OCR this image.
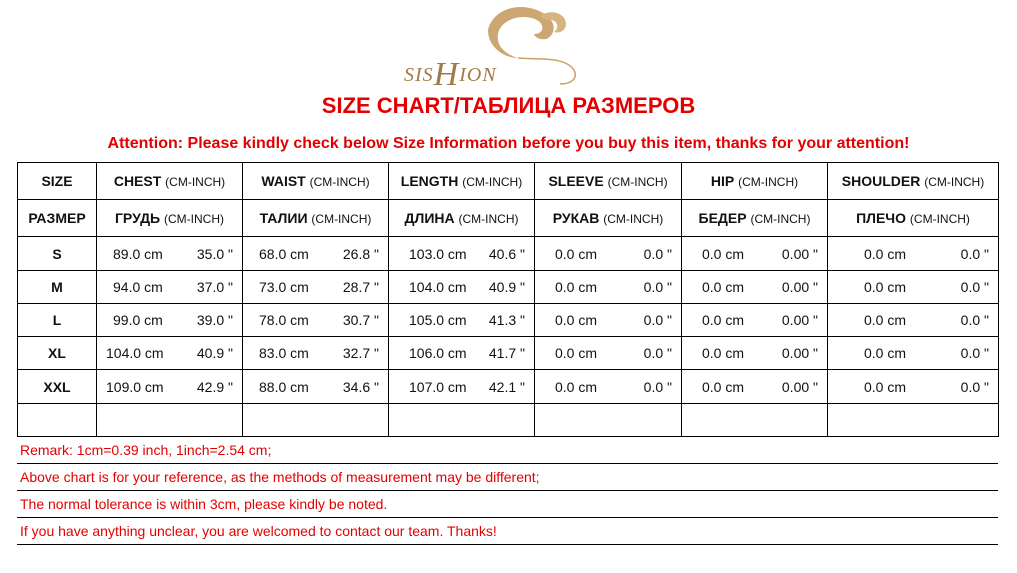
SISHION
SIZE CHART/ТАБЛИЦА РАЗМЕРОВ
Attention: Please kindly check below Size Information before you buy this item, thanks for your attention!
SIZE	CHEST (CM-INCH)	WAIST (CM-INCH)	LENGTH (CM-INCH)	SLEEVE (CM-INCH)	HIP (CM-INCH)	SHOULDER (CM-INCH)
РАЗМЕР	ГРУДЬ (CM-INCH)	ТАЛИИ (CM-INCH)	ДЛИНА (CM-INCH)	РУКАВ (CM-INCH)	БЕДЕР (CM-INCH)	ПЛЕЧО (CM-INCH)
S	89.0 cm 35.0 "	68.0 cm 26.8 "	103.0 cm 40.6 "	0.0 cm 0.0 "	0.0 cm 0.00 "	0.0 cm 0.0 "

M	94.0 cm 37.0 "	73.0 cm 28.7 "	104.0 cm 40.9 "	0.0 cm 0.0 "	0.0 cm 0.00 "	0.0 cm 0.0 "

L	99.0 cm 39.0 "	78.0 cm 30.7 "	105.0 cm 41.3 "	0.0 cm 0.0 "	0.0 cm 0.00 "	0.0 cm 0.0 "

XL	104.0 cm 40.9 "	83.0 cm 32.7 "	106.0 cm 41.7 "	0.0 cm 0.0 "	0.0 cm 0.00 "	0.0 cm 0.0 "

XXL	109.0 cm 42.9 "	88.0 cm 34.6 "	107.0 cm 42.1 "	0.0 cm 0.0 "	0.0 cm 0.00 "	0.0 cm 0.0 "

Remark: 1cm=0.39 inch, 1inch=2.54 cm;
Above chart is for your reference, as the methods of measurement may be different;
The normal tolerance is within 3cm, please kindly be noted.
If you have anything unclear, you are welcomed to contact our team. Thanks!
